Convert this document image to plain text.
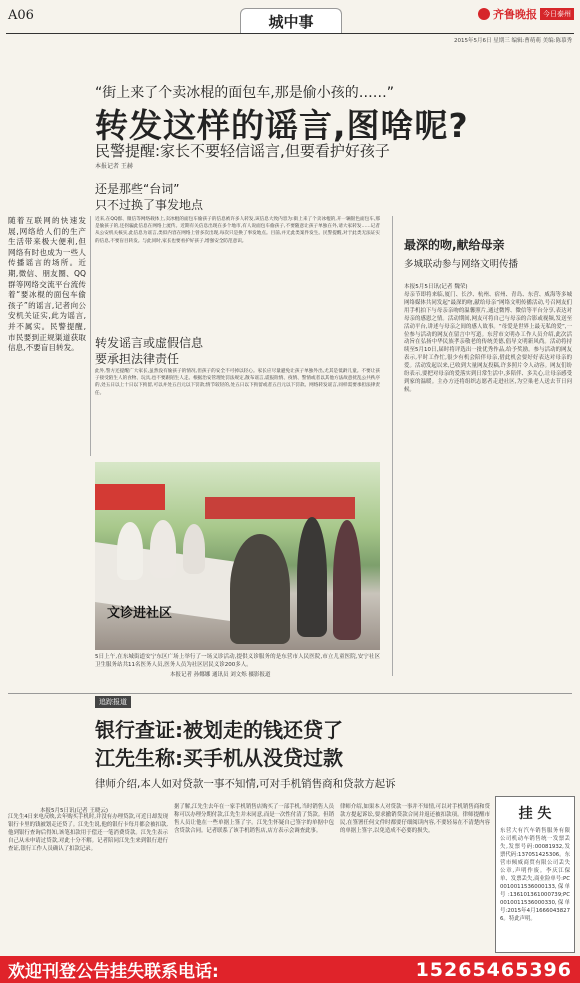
A06	城中事	齐鲁晚报 今日泰州
2015年5月6日 星期三 编辑:曹萌萌 美编:陈慕秀
“街上来了个卖冰棍的面包车,那是偷小孩的……”
转发这样的谣言,图啥呢?
民警提醒:家长不要轻信谣言,但要看护好孩子
本报记者 王赫
还是那些“台词”
只不过换了事发地点
随着互联网的快速发展,网络给人们的生产生活带来极大便利,但网络有时也成为一些人传播谣言的场所。近期,微信、朋友圈、QQ群等网络交流平台流传着“要冰棍的面包车偷孩子”的谣言,记者向公安机关证实,此为谣言,并不属实。民警提醒,市民要到正规渠道获取信息,不要盲目转发。
近来,在QQ群、微信等网络载体上,卖冰棍的面包车偷孩子的信息被许多人转发,该信息大致内容为:街上来了个卖冰棍的,开一辆银色面包车,那是偷孩子的,还拐骗此信息在网络上流传。近期有关信息出现在多个地市,有人说面包车偷孩子,不要随意让孩子单独在外,请大家转发……记者从公安机关核实,此信息为谣言,类似内容在网络上曾多次出现,每次只是换了事发地点。目前,并无此类案件发生。民警提醒,对于此类无法证实的信息,不要盲目转发。与此同时,家长也要看护好孩子,增强安全防范意识。
转发谣言或虚假信息
要承担法律责任
此外,警方还提醒广大家长,虽然没有偷孩子的情况,但孩子的安全不可掉以轻心。家长应尽量避免让孩子单独外出,尤其是低龄儿童。不要让孩子接受陌生人的食物、玩具,也不要跟陌生人走。根据治安管理处罚法规定,散布谣言,谎报险情、疫情、警情或者以其他方法故意扰乱公共秩序的,处五日以上十日以下拘留,可以并处五百元以下罚款;情节较轻的,处五日以下拘留或者五百元以下罚款。网络转发谣言,同样需要承担法律责任。
最深的吻,献给母亲
多城联动参与网络文明传播
本报5月5日讯(记者 魏荣)
母亲节即将来临,厦门、长沙、杭州、宿州、青岛、东营、威海等多城网络媒体共同发起“最深的吻,献给母亲”网络文明传播活动,号召网友们用手机拍下与母亲亲吻的温馨照片,通过微博、微信等平台分享,表达对母亲的感恩之情。活动期间,网友可将自己与母亲的合影或视频,发送至活动平台,讲述与母亲之间的感人故事。“母爱是世界上最无私的爱”,一位参与活动的网友在留言中写道。东营市文明办工作人员介绍,此次活动旨在弘扬中华民族孝亲敬老的传统美德,倡导文明新风尚。活动将持续至5月10日,届时将评选出一批优秀作品,给予奖励。参与活动的网友表示,平时工作忙,很少有机会陪伴母亲,借此机会要好好表达对母亲的爱。活动发起以来,已收到大量网友投稿,许多照片令人动容。网友们纷纷表示,要把对母亲的爱落实到日常生活中,多陪伴、多关心,让母亲感受到家的温暖。主办方还将组织志愿者走进社区,为空巢老人送去节日问候。
文诊进社区
5日上午,在东城街道安宁东区广场上举行了一场义诊活动,提供义诊服务的是东营市人民医院,市立儿童医院,安宁社区卫生服务站共11名医务人员,医务人员为社区居民义诊200多人。
本报记者 孙娜娜 通讯员 刘文烁 摄影报道
追踪报道
银行查证:被划走的钱还贷了
江先生称:买手机从没贷过款
律师介绍,本人如对贷款一事不知情,可对手机销售商和贷款方起诉
本报5月5日讯(记者 王晓云)
江先生4日来电反映,去年购买手机时,并没有办理贷款,可近日却发现银行卡里的钱被划走还贷了。江先生说,他的银行卡每月都会被扣款,他到银行查询后得知,该笔扣款用于偿还一笔消费贷款。江先生表示自己从未申请过贷款,对此十分不解。记者陪同江先生来到银行进行查证,银行工作人员确认了扣款记录。
据了解,江先生去年在一家手机销售店购买了一部手机,当时销售人员称可以办理分期付款,江先生并未同意,而是一次性付清了货款。但销售人员让他在一些单据上签了字。江先生怀疑自己签字的单据中包含贷款合同。记者联系了该手机销售店,店方表示会调查此事。
律师介绍,如果本人对贷款一事并不知情,可以对手机销售商和贷款方提起诉讼,要求撤销贷款合同并返还被扣款项。律师提醒市民,在签署任何文件时都要仔细阅读内容,不要轻易在不清楚内容的单据上签字,以免造成不必要的损失。
挂 失
东营大有汽车销售服务有限公司机动车销售统一发票丢失,发票号码:00081932,发票代码:137051425306。东营市倾威商贸有限公司丢失公章,声明作废。李庆江保单、发票丢失,商业险单号:PC0010011536000133,保单号:136101361000739;PC0010011536000330,保单号:2015年4月16660438276。特此声明。
欢迎刊登公告挂失联系电话:	15265465396
